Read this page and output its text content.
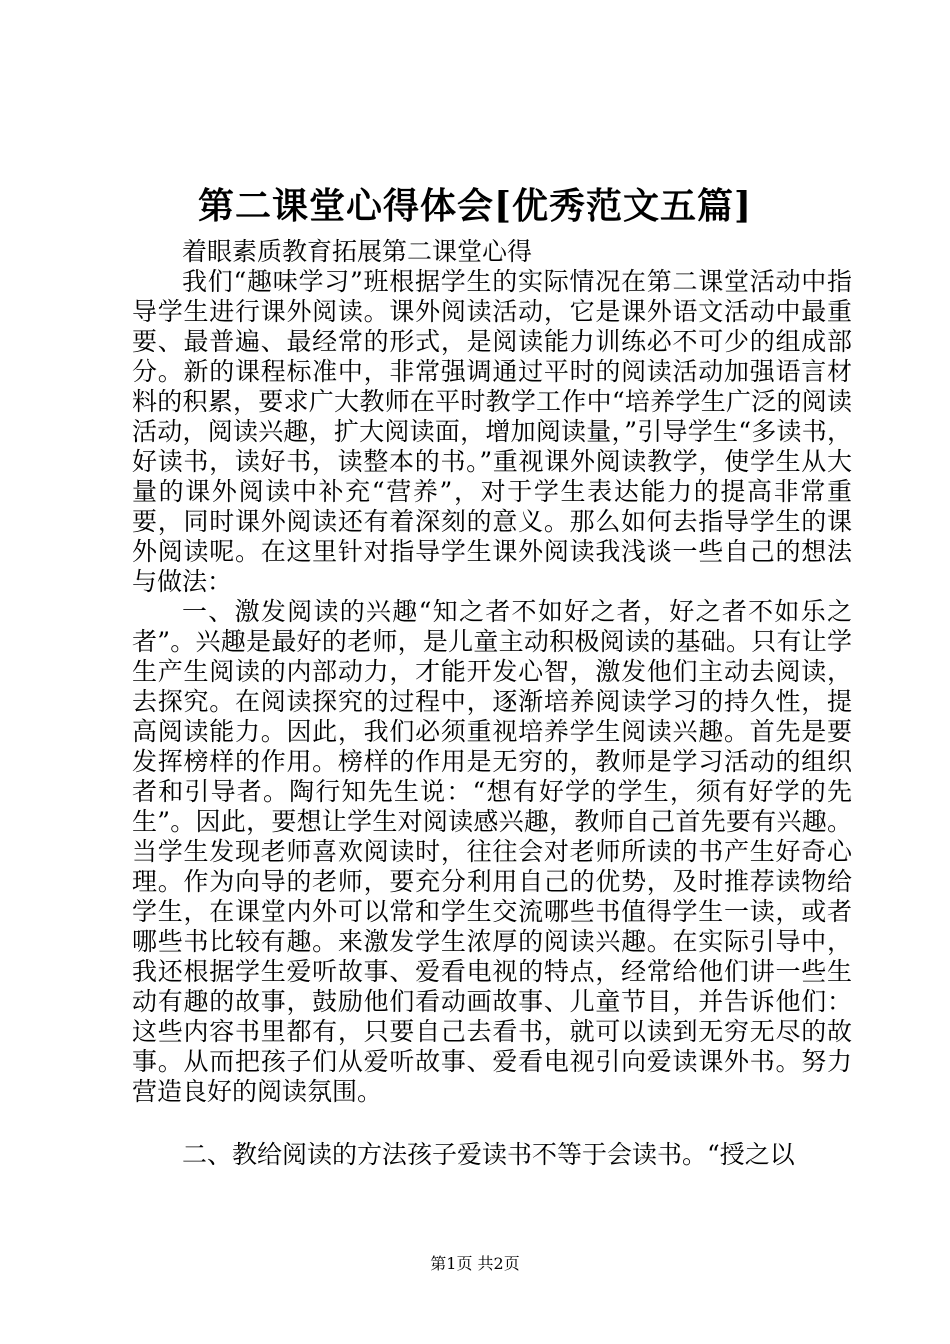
第二课堂心得体会[优秀范文五篇]

着眼素质教育拓展第二课堂心得

我们“趣味学习”班根据学生的实际情况在第二课堂活动中指导学生进行课外阅读。课外阅读活动，它是课外语文活动中最重要、最普遍、最经常的形式，是阅读能力训练必不可少的组成部分。新的课程标准中，非常强调通过平时的阅读活动加强语言材料的积累，要求广大教师在平时教学工作中“培养学生广泛的阅读活动，阅读兴趣，扩大阅读面，增加阅读量，”引导学生“多读书，好读书，读好书，读整本的书。”重视课外阅读教学，使学生从大量的课外阅读中补充“营养”，对于学生表达能力的提高非常重要，同时课外阅读还有着深刻的意义。那么如何去指导学生的课外阅读呢。在这里针对指导学生课外阅读我浅谈一些自己的想法与做法：

一、激发阅读的兴趣“知之者不如好之者，好之者不如乐之者”。兴趣是最好的老师，是儿童主动积极阅读的基础。只有让学生产生阅读的内部动力，才能开发心智，激发他们主动去阅读，去探究。在阅读探究的过程中，逐渐培养阅读学习的持久性，提高阅读能力。因此，我们必须重视培养学生阅读兴趣。首先是要发挥榜样的作用。榜样的作用是无穷的，教师是学习活动的组织者和引导者。陶行知先生说：“想有好学的学生，须有好学的先生”。因此，要想让学生对阅读感兴趣，教师自己首先要有兴趣。当学生发现老师喜欢阅读时，往往会对老师所读的书产生好奇心理。作为向导的老师，要充分利用自己的优势，及时推荐读物给学生，在课堂内外可以常和学生交流哪些书值得学生一读，或者哪些书比较有趣。来激发学生浓厚的阅读兴趣。在实际引导中，我还根据学生爱听故事、爱看电视的特点，经常给他们讲一些生动有趣的故事，鼓励他们看动画故事、儿童节目，并告诉他们：这些内容书里都有，只要自己去看书，就可以读到无穷无尽的故事。从而把孩子们从爱听故事、爱看电视引向爱读课外书。努力营造良好的阅读氛围。

二、教给阅读的方法孩子爱读书不等于会读书。“授之以

第1页 共2页
